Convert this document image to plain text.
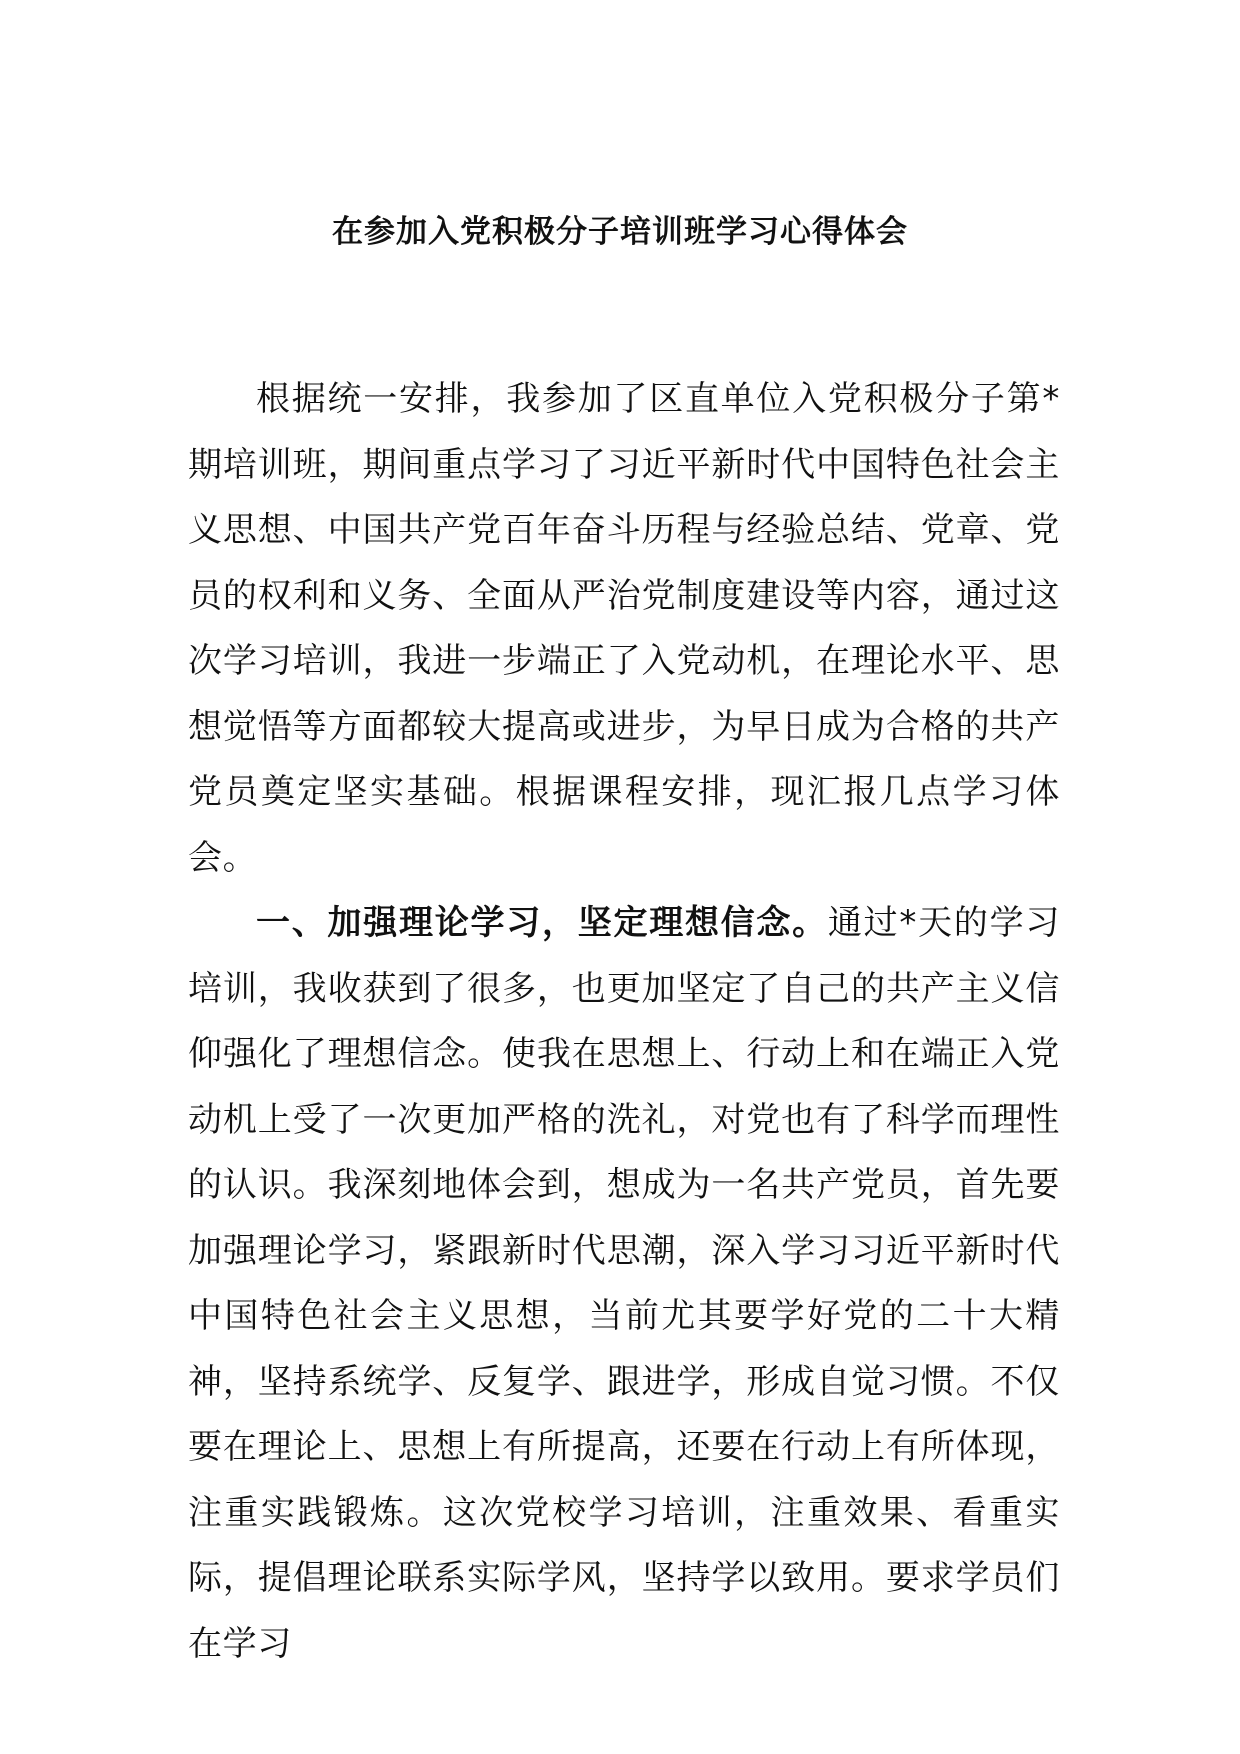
在参加入党积极分子培训班学习心得体会

根据统一安排，我参加了区直单位入党积极分子第*期培训班，期间重点学习了习近平新时代中国特色社会主义思想、中国共产党百年奋斗历程与经验总结、党章、党员的权利和义务、全面从严治党制度建设等内容，通过这次学习培训，我进一步端正了入党动机，在理论水平、思想觉悟等方面都较大提高或进步，为早日成为合格的共产党员奠定坚实基础。根据课程安排，现汇报几点学习体会。

一、加强理论学习，坚定理想信念。通过*天的学习培训，我收获到了很多，也更加坚定了自己的共产主义信仰强化了理想信念。使我在思想上、行动上和在端正入党动机上受了一次更加严格的洗礼，对党也有了科学而理性的认识。我深刻地体会到，想成为一名共产党员，首先要加强理论学习，紧跟新时代思潮，深入学习习近平新时代中国特色社会主义思想，当前尤其要学好党的二十大精神，坚持系统学、反复学、跟进学，形成自觉习惯。不仅要在理论上、思想上有所提高，还要在行动上有所体现，注重实践锻炼。这次党校学习培训，注重效果、看重实际，提倡理论联系实际学风，坚持学以致用。要求学员们在学习
